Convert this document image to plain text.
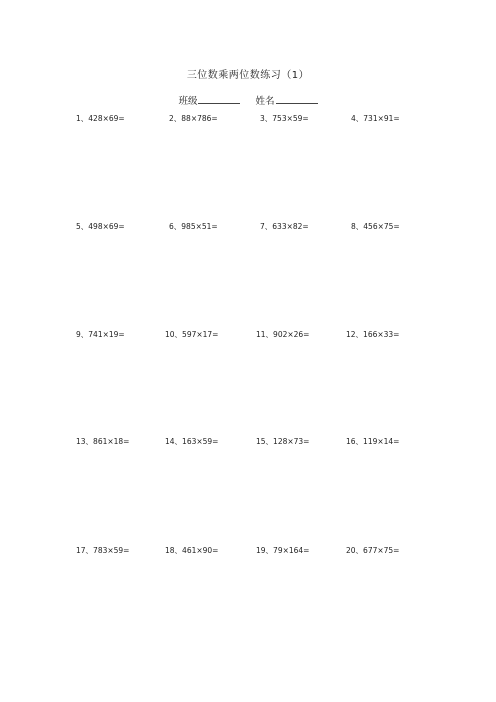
三位数乘两位数练习（1）
班级	姓名
1、428×69=	2、88×786=	3、753×59=	4、731×91=
5、498×69=	6、985×51=	7、633×82=	8、456×75=
9、741×19=	10、597×17=	11、902×26=	12、166×33=
13、861×18=	14、163×59=	15、128×73=	16、119×14=
17、783×59=	18、461×90=	19、79×164=	20、677×75=
